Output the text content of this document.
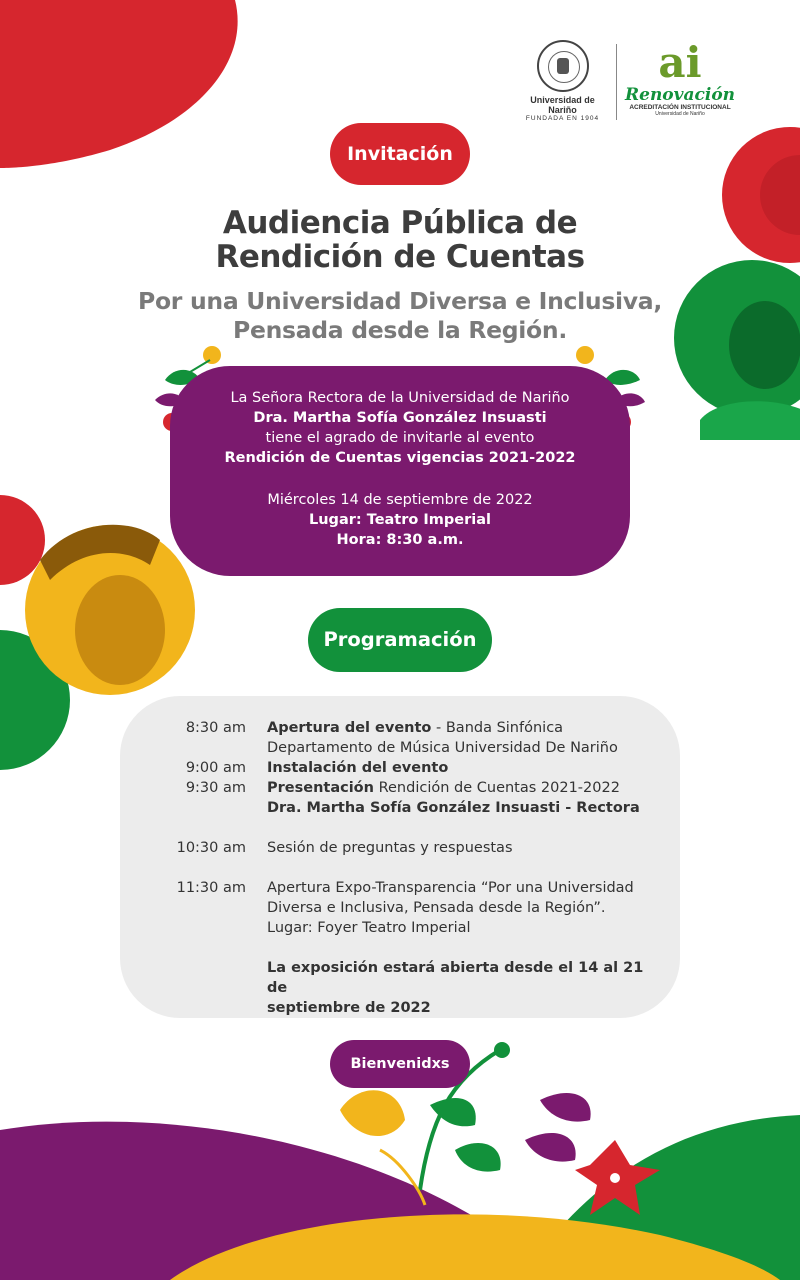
Universidad de Nariño
FUNDADA EN 1904
ai
Renovación
ACREDITACIÓN INSTITUCIONAL
Universidad de Nariño
Invitación
Audiencia Pública de
Rendición de Cuentas
Por una Universidad Diversa e Inclusiva,
Pensada desde la Región.

La Señora Rectora de la Universidad de Nariño

Dra. Martha Sofía González Insuasti

tiene el agrado de invitarle al evento

Rendición de Cuentas vigencias 2021-2022

Miércoles 14 de septiembre de 2022

Lugar: Teatro Imperial

Hora: 8:30 a.m.

Programación
8:30 am Apertura del evento - Banda Sinfónica
Departamento de Música Universidad De Nariño
9:00 am Instalación del evento
9:30 am Presentación Rendición de Cuentas 2021-2022
Dra. Martha Sofía González Insuasti - Rectora
10:30 am Sesión de preguntas y respuestas
11:30 am Apertura Expo-Transparencia “Por una Universidad
Diversa e Inclusiva, Pensada desde la Región”.
Lugar: Foyer Teatro Imperial
La exposición estará abierta desde el 14 al 21 de
septiembre de 2022
Bienvenidxs
